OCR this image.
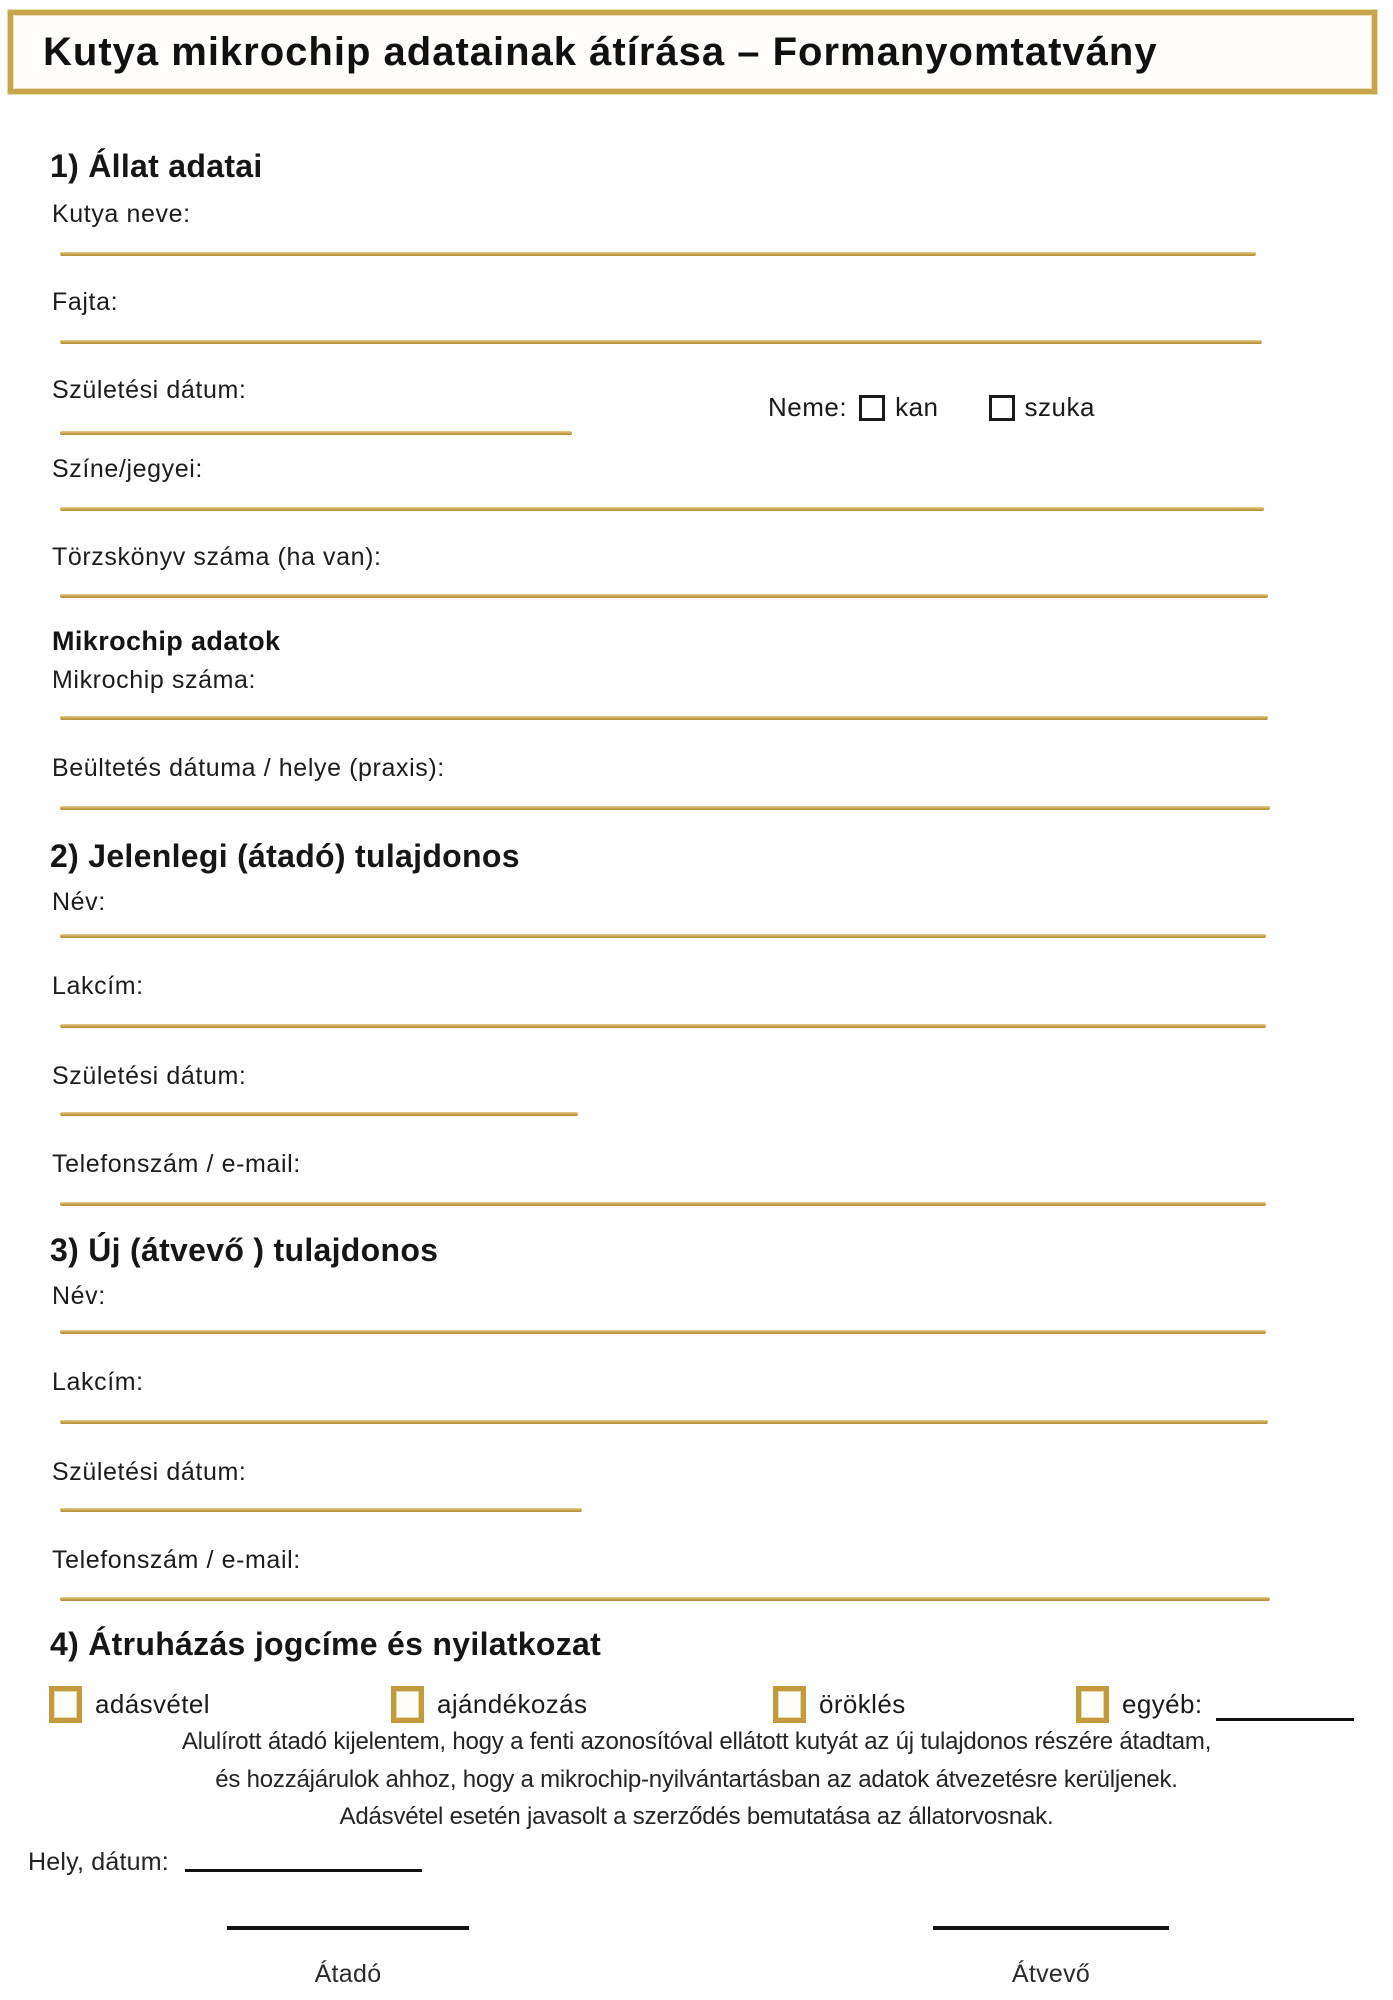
Kutya mikrochip adatainak átírása – Formanyomtatvány
1) Állat adatai
Kutya neve:
Fajta:
Születési dátum:
Neme: kan	szuka
Színe/jegyei:
Törzskönyv száma (ha van):
Mikrochip adatok
Mikrochip száma:
Beültetés dátuma / helye (praxis):
2) Jelenlegi (átadó) tulajdonos
Név:
Lakcím:
Születési dátum:
Telefonszám / e-mail:
3) Új (átvevő ) tulajdonos
Név:
Lakcím:
Születési dátum:
Telefonszám / e-mail:
4) Átruházás jogcíme és nyilatkozat
adásvétel	ajándékozás	öröklés	egyéb:
Alulírott átadó kijelentem, hogy a fenti azonosítóval ellátott kutyát az új tulajdonos részére átadtam,
és hozzájárulok ahhoz, hogy a mikrochip-nyilvántartásban az adatok átvezetésre kerüljenek.
Adásvétel esetén javasolt a szerződés bemutatása az állatorvosnak.
Hely, dátum:
Átadó	Átvevő
